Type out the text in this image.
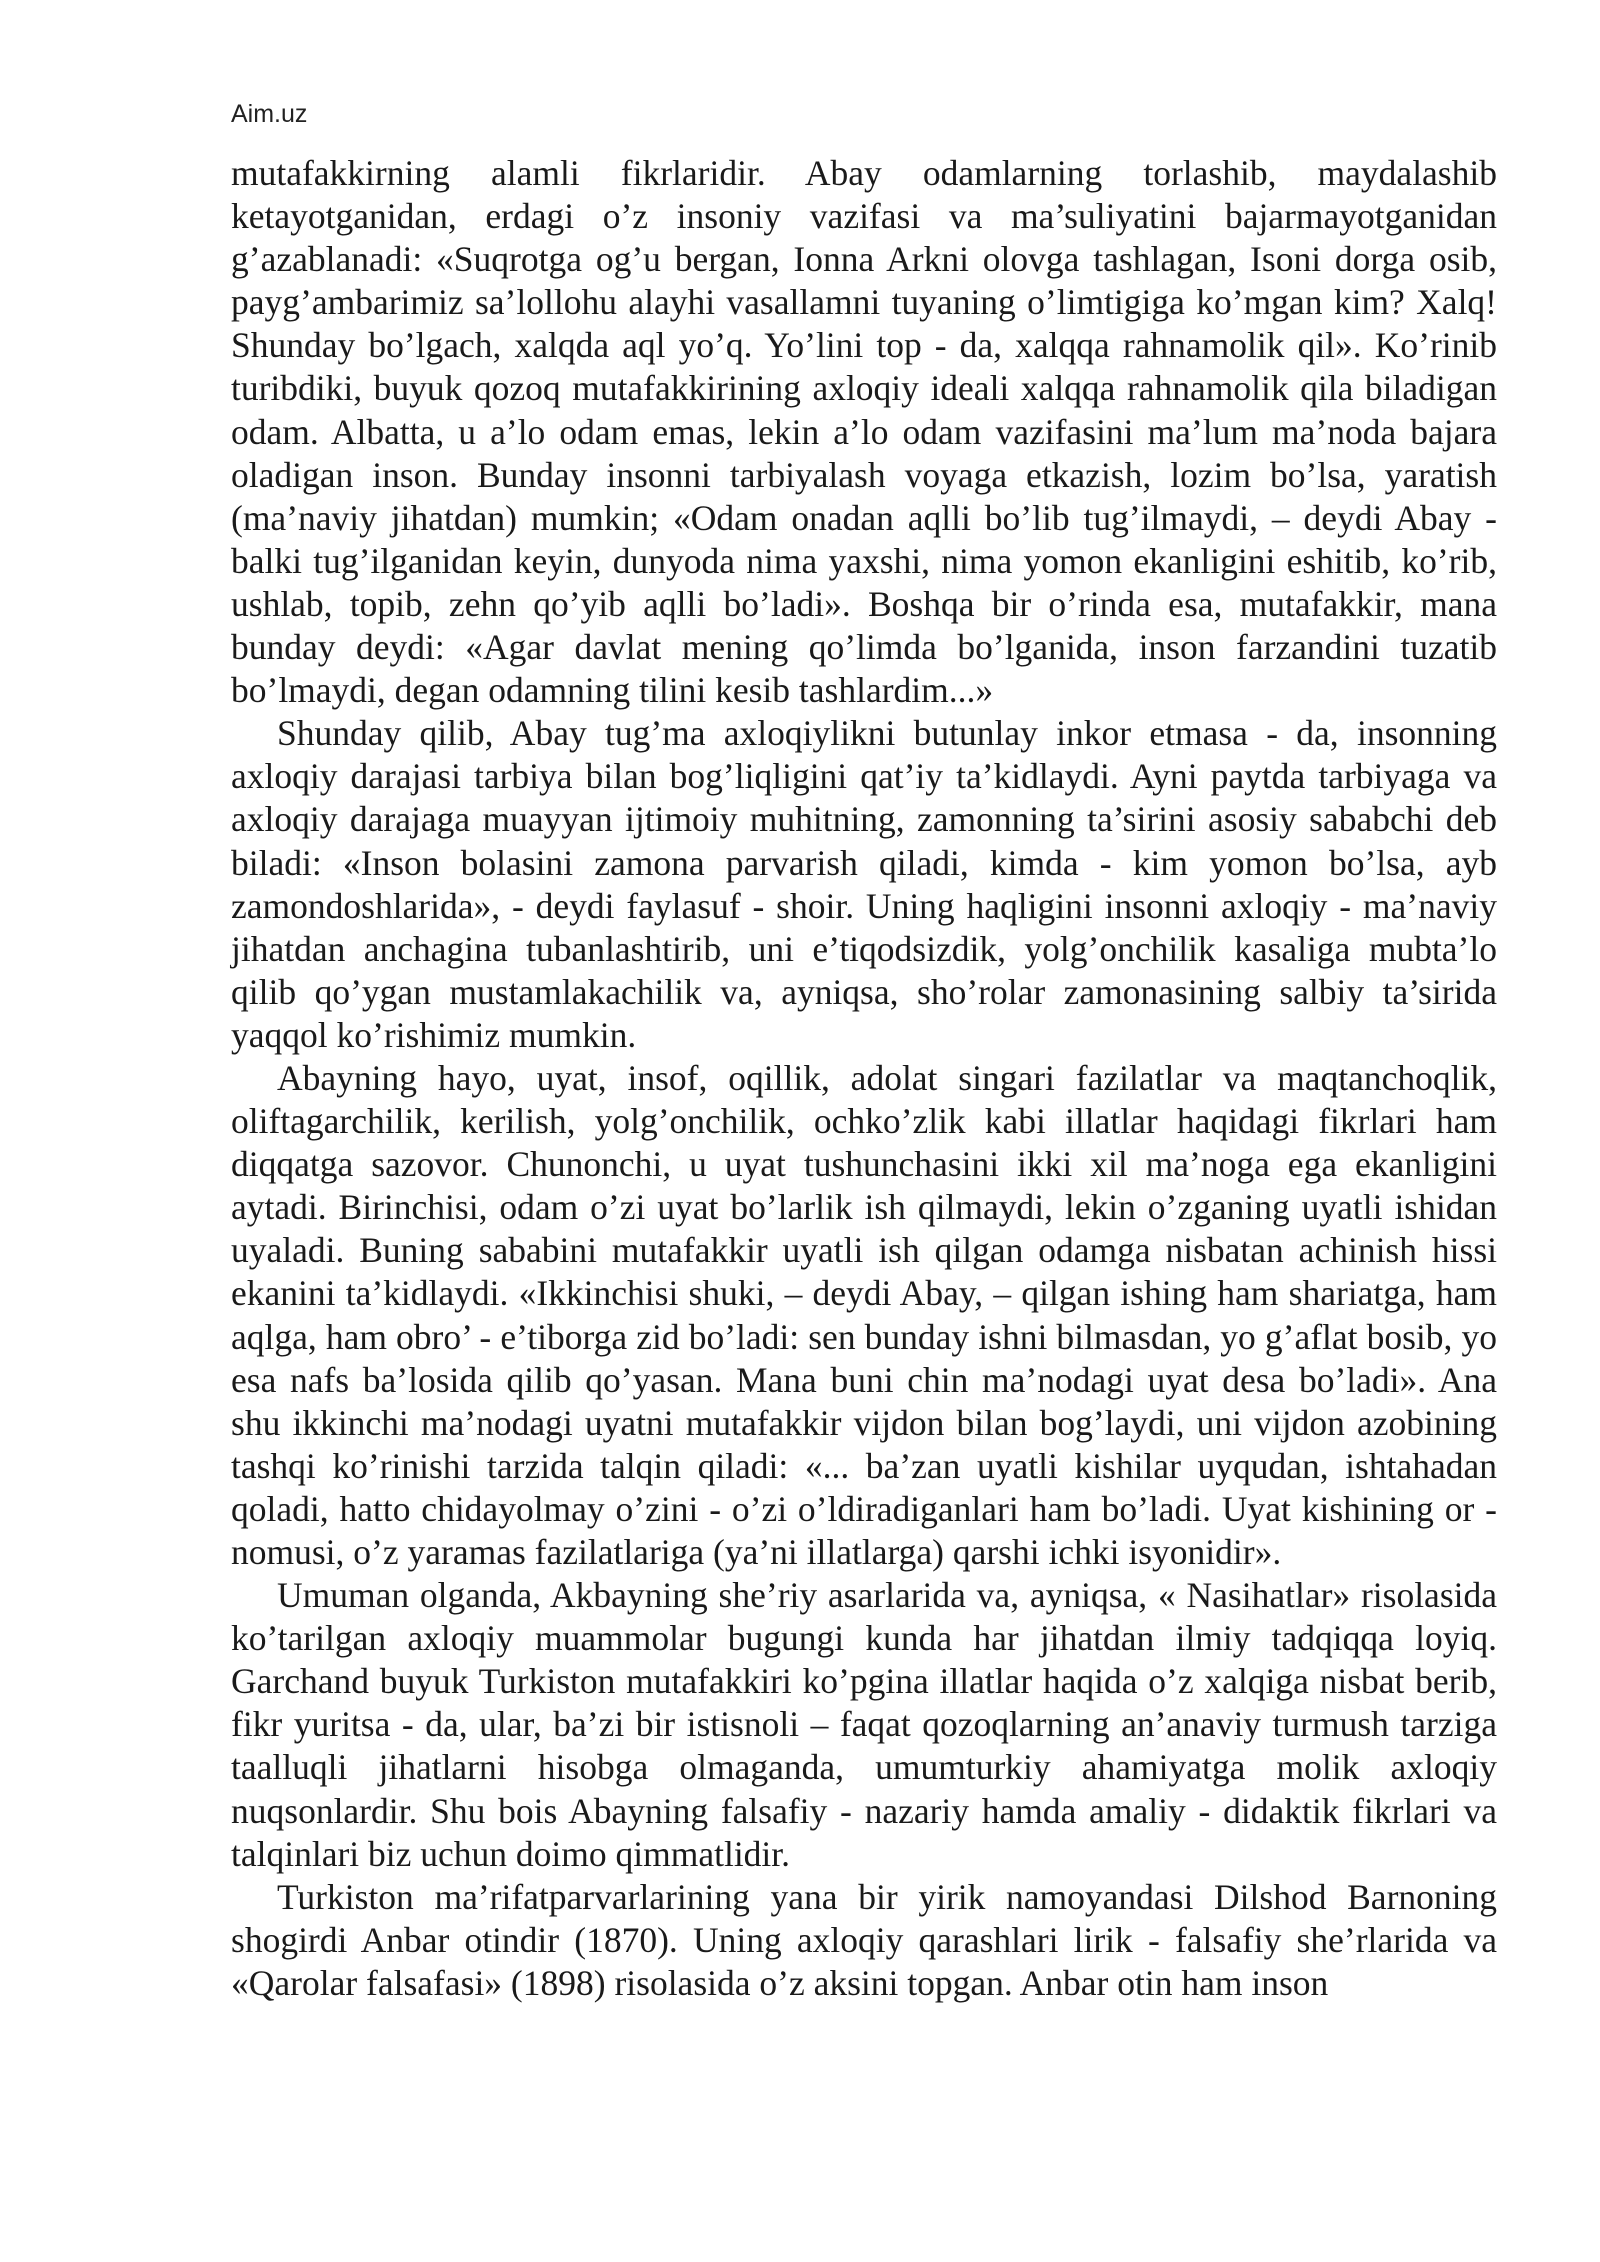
Aim.uz

mutafakkirning alamli fikrlaridir. Abay odamlarning torlashib, maydalashib ketayotganidan, erdagi o’z insoniy vazifasi va ma’suliyatini bajarmayotganidan g’azablanadi: «Suqrotga og’u bergan, Ionna Arkni olovga tashlagan, Isoni dorga osib, payg’ambarimiz sa’lollohu alayhi vasallamni tuyaning o’limtigiga ko’mgan kim? Xalq! Shunday bo’lgach, xalqda aql yo’q. Yo’lini top - da, xalqqa rahnamolik qil». Ko’rinib turibdiki, buyuk qozoq mutafakkirining axloqiy ideali xalqqa rahnamolik qila biladigan odam. Albatta, u a’lo odam emas, lekin a’lo odam vazifasini ma’lum ma’noda bajara oladigan inson. Bunday insonni tarbiyalash voyaga etkazish, lozim bo’lsa, yaratish (ma’naviy jihatdan) mumkin; «Odam onadan aqlli bo’lib tug’ilmaydi, – deydi Abay - balki tug’ilganidan keyin, dunyoda nima yaxshi, nima yomon ekanligini eshitib, ko’rib, ushlab, topib, zehn qo’yib aqlli bo’ladi». Boshqa bir o’rinda esa, mutafakkir, mana bunday deydi: «Agar davlat mening qo’limda bo’lganida, inson farzandini tuzatib bo’lmaydi, degan odamning tilini kesib tashlardim...»

Shunday qilib, Abay tug’ma axloqiylikni butunlay inkor etmasa - da, insonning axloqiy darajasi tarbiya bilan bog’liqligini qat’iy ta’kidlaydi. Ayni paytda tarbiyaga va axloqiy darajaga muayyan ijtimoiy muhitning, zamonning ta’sirini asosiy sababchi deb biladi: «Inson bolasini zamona parvarish qiladi, kimda - kim yomon bo’lsa, ayb zamondoshlarida», - deydi faylasuf - shoir. Uning haqligini insonni axloqiy - ma’naviy jihatdan anchagina tubanlashtirib, uni e’tiqodsizdik, yolg’onchilik kasaliga mubta’lo qilib qo’ygan mustamlakachilik va, ayniqsa, sho’rolar zamonasining salbiy ta’sirida yaqqol ko’rishimiz mumkin.

Abayning hayo, uyat, insof, oqillik, adolat singari fazilatlar va maqtanchoqlik, oliftagarchilik, kerilish, yolg’onchilik, ochko’zlik kabi illatlar haqidagi fikrlari ham diqqatga sazovor. Chunonchi, u uyat tushunchasini ikki xil ma’noga ega ekanligini aytadi. Birinchisi, odam o’zi uyat bo’larlik ish qilmaydi, lekin o’zganing uyatli ishidan uyaladi. Buning sababini mutafakkir uyatli ish qilgan odamga nisbatan achinish hissi ekanini ta’kidlaydi. «Ikkinchisi shuki, – deydi Abay, – qilgan ishing ham shariatga, ham aqlga, ham obro’ - e’tiborga zid bo’ladi: sen bunday ishni bilmasdan, yo g’aflat bosib, yo esa nafs ba’losida qilib qo’yasan. Mana buni chin ma’nodagi uyat desa bo’ladi». Ana shu ikkinchi ma’nodagi uyatni mutafakkir vijdon bilan bog’laydi, uni vijdon azobining tashqi ko’rinishi tarzida talqin qiladi: «... ba’zan uyatli kishilar uyqudan, ishtahadan qoladi, hatto chidayolmay o’zini - o’zi o’ldiradiganlari ham bo’ladi. Uyat kishining or - nomusi, o’z yaramas fazilatlariga (ya’ni illatlarga) qarshi ichki isyonidir».

Umuman olganda, Akbayning she’riy asarlarida va, ayniqsa, « Nasihatlar» risolasida ko’tarilgan axloqiy muammolar bugungi kunda har jihatdan ilmiy tadqiqqa loyiq. Garchand buyuk Turkiston mutafakkiri ko’pgina illatlar haqida o’z xalqiga nisbat berib, fikr yuritsa - da, ular, ba’zi bir istisnoli – faqat qozoqlarning an’anaviy turmush tarziga taalluqli jihatlarni hisobga olmaganda, umumturkiy ahamiyatga molik axloqiy nuqsonlardir. Shu bois Abayning falsafiy - nazariy hamda amaliy - didaktik fikrlari va talqinlari biz uchun doimo qimmatlidir.

Turkiston ma’rifatparvarlarining yana bir yirik namoyandasi Dilshod Barnoning shogirdi Anbar otindir (1870). Uning axloqiy qarashlari lirik - falsafiy she’rlarida va «Qarolar falsafasi» (1898) risolasida o’z aksini topgan. Anbar otin ham inson
